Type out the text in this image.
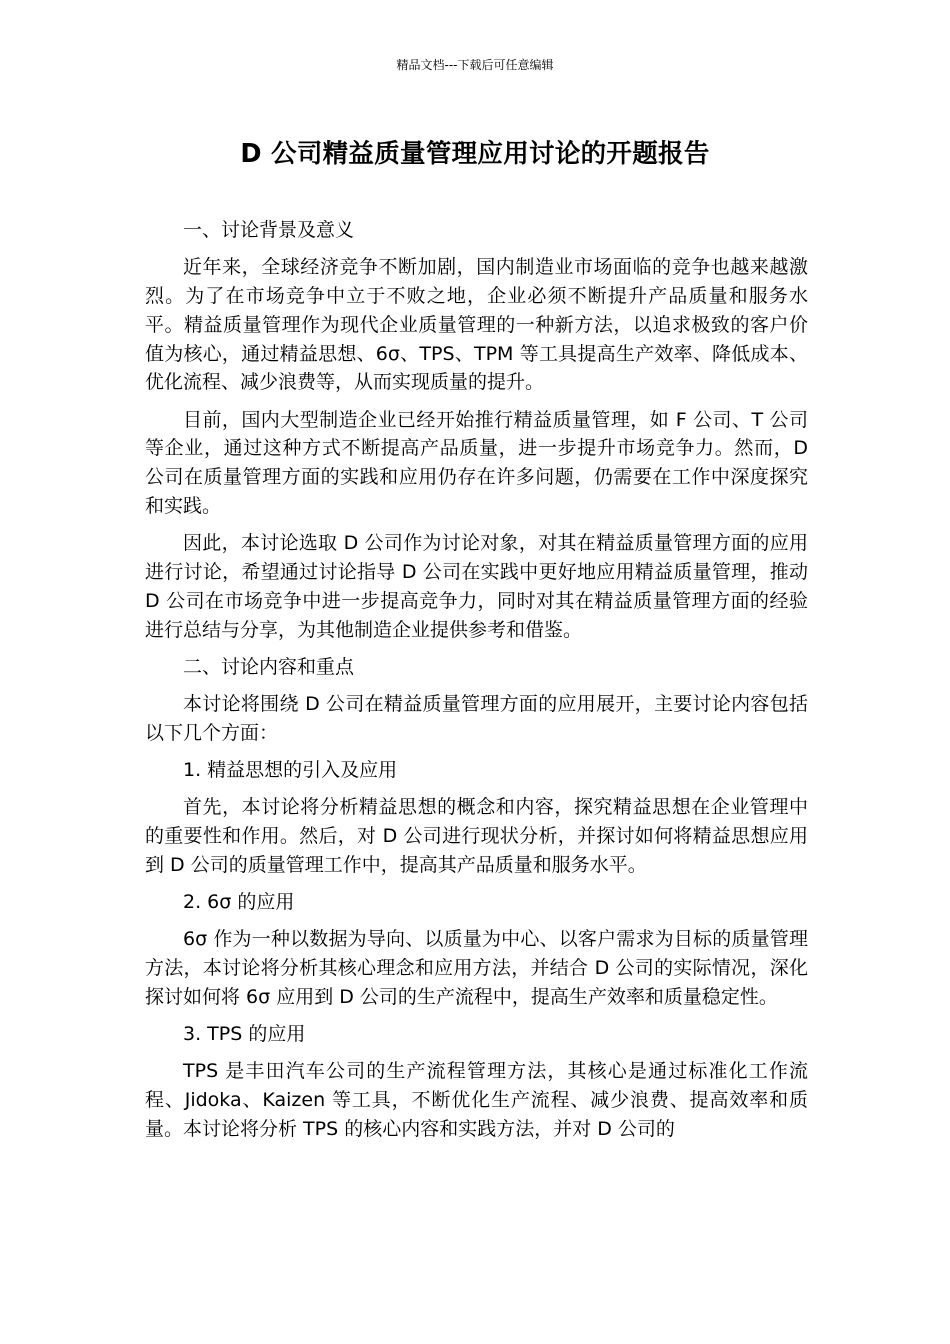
精品文档---下载后可任意编辑
D 公司精益质量管理应用讨论的开题报告

一、讨论背景及意义

近年来，全球经济竞争不断加剧，国内制造业市场面临的竞争也越来越激烈。为了在市场竞争中立于不败之地，企业必须不断提升产品质量和服务水平。精益质量管理作为现代企业质量管理的一种新方法，以追求极致的客户价值为核心，通过精益思想、6σ、TPS、TPM 等工具提高生产效率、降低成本、优化流程、减少浪费等，从而实现质量的提升。

目前，国内大型制造企业已经开始推行精益质量管理，如 F 公司、T 公司等企业，通过这种方式不断提高产品质量，进一步提升市场竞争力。然而，D 公司在质量管理方面的实践和应用仍存在许多问题，仍需要在工作中深度探究和实践。

因此，本讨论选取 D 公司作为讨论对象，对其在精益质量管理方面的应用进行讨论，希望通过讨论指导 D 公司在实践中更好地应用精益质量管理，推动 D 公司在市场竞争中进一步提高竞争力，同时对其在精益质量管理方面的经验进行总结与分享，为其他制造企业提供参考和借鉴。

二、讨论内容和重点

本讨论将围绕 D 公司在精益质量管理方面的应用展开，主要讨论内容包括以下几个方面：

1. 精益思想的引入及应用

首先，本讨论将分析精益思想的概念和内容，探究精益思想在企业管理中的重要性和作用。然后，对 D 公司进行现状分析，并探讨如何将精益思想应用到 D 公司的质量管理工作中，提高其产品质量和服务水平。

2. 6σ 的应用

6σ 作为一种以数据为导向、以质量为中心、以客户需求为目标的质量管理方法，本讨论将分析其核心理念和应用方法，并结合 D 公司的实际情况，深化探讨如何将 6σ 应用到 D 公司的生产流程中，提高生产效率和质量稳定性。

3. TPS 的应用

TPS 是丰田汽车公司的生产流程管理方法，其核心是通过标准化工作流程、Jidoka、Kaizen 等工具，不断优化生产流程、减少浪费、提高效率和质量。本讨论将分析 TPS 的核心内容和实践方法，并对 D 公司的
